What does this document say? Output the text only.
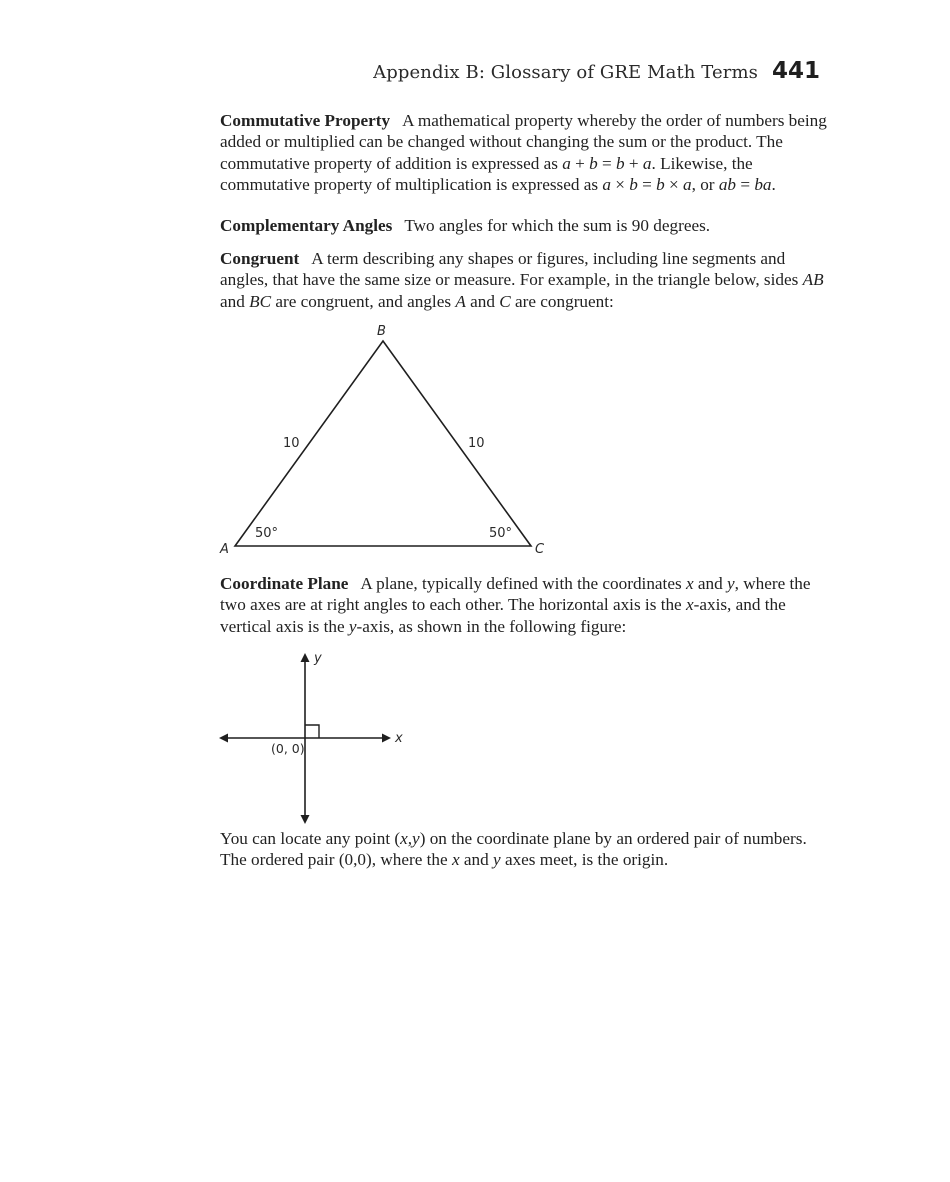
Appendix B: Glossary of GRE Math Terms 441

Commutative Property A mathematical property whereby the order of numbers being added or multiplied can be changed without changing the sum or the product. The commutative property of addition is expressed as a + b = b + a. Likewise, the commutative property of multiplication is expressed as a × b = b × a, or ab = ba.

Complementary Angles Two angles for which the sum is 90 degrees.

Congruent A term describing any shapes or figures, including line segments and angles, that have the same size or measure. For example, in the triangle below, sides AB and BC are congruent, and angles A and C are congruent:

B
A	C
10	10
50°	50°

Coordinate Plane A plane, typically defined with the coordinates x and y, where the two axes are at right angles to each other. The horizontal axis is the x-axis, and the vertical axis is the y-axis, as shown in the following figure:

x
y
(0, 0)

You can locate any point (x,y) on the coordinate plane by an ordered pair of numbers. The ordered pair (0,0), where the x and y axes meet, is the origin.
